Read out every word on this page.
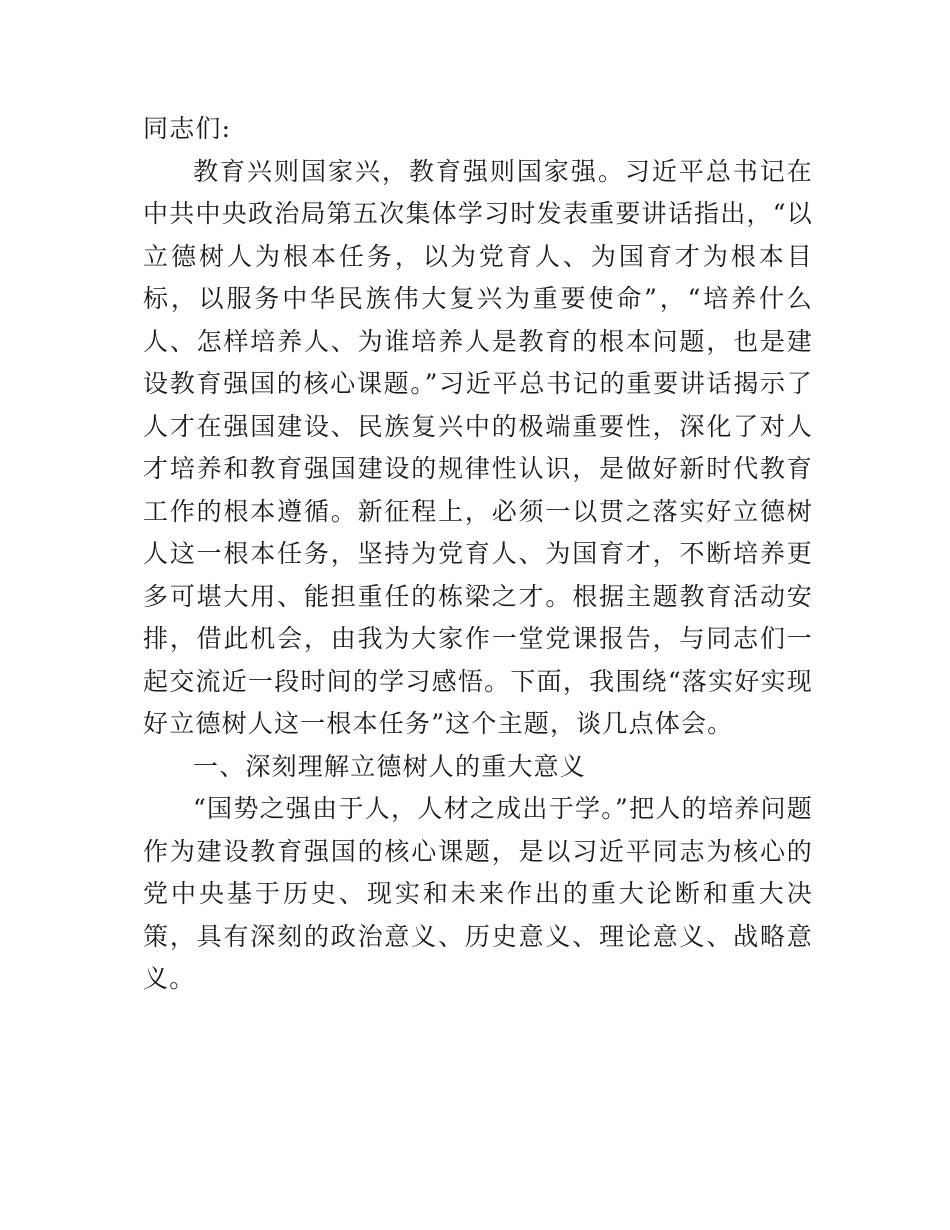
同志们:

教育兴则国家兴，教育强则国家强。习近平总书记在中共中央政治局第五次集体学习时发表重要讲话指出，“以立德树人为根本任务，以为党育人、为国育才为根本目标，以服务中华民族伟大复兴为重要使命”，“培养什么人、怎样培养人、为谁培养人是教育的根本问题，也是建设教育强国的核心课题。”习近平总书记的重要讲话揭示了人才在强国建设、民族复兴中的极端重要性，深化了对人才培养和教育强国建设的规律性认识，是做好新时代教育工作的根本遵循。新征程上，必须一以贯之落实好立德树人这一根本任务，坚持为党育人、为国育才，不断培养更多可堪大用、能担重任的栋梁之才。根据主题教育活动安排，借此机会，由我为大家作一堂党课报告，与同志们一起交流近一段时间的学习感悟。下面，我围绕“落实好实现好立德树人这一根本任务”这个主题，谈几点体会。

一、深刻理解立德树人的重大意义

“国势之强由于人，人材之成出于学。”把人的培养问题作为建设教育强国的核心课题，是以习近平同志为核心的党中央基于历史、现实和未来作出的重大论断和重大决策，具有深刻的政治意义、历史意义、理论意义、战略意义。
